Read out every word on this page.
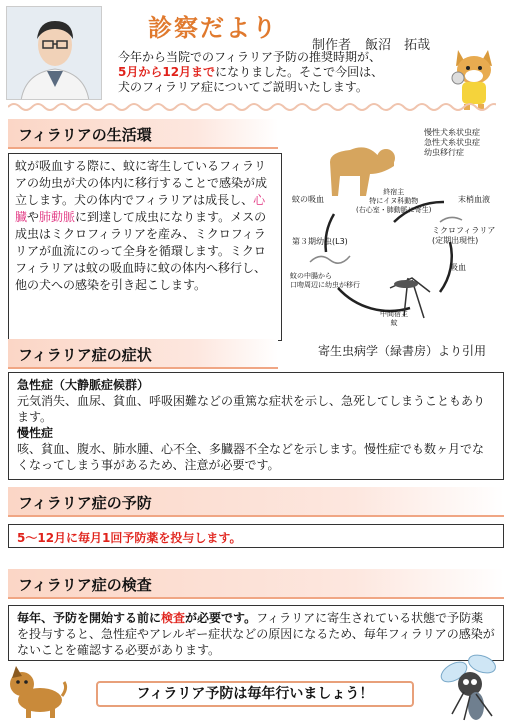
診察だより
制作者 飯沼　拓哉
今年から当院でのフィラリア予防の推奨時期が、
5月から12月までになりました。そこで今回は、
犬のフィラリア症についてご説明いたします。
フィラリアの生活環
蚊が吸血する際に、蚊に寄生しているフィラリアの幼虫が犬の体内に移行することで感染が成立します。犬の体内でフィラリアは成長し、心臓や肺動脈に到達して成虫になります。メスの成虫はミクロフィラリアを産み、ミクロフィラリアが血流にのって全身を循環します。ミクロフィラリアは蚊の吸血時に蚊の体内へ移行し、他の犬への感染を引き起こします。
慢性犬糸状虫症
急性犬糸状虫症
幼虫移行症
終宿主
特にイヌ科動物
(右心室・肺動脈に寄生)
蚊の吸血	末梢血液
ミクロフィラリア
(定期出現性)
第３期幼虫(L3)
吸血
蚊の中腸から
口吻周辺に幼虫が移行
中間宿主
蚊
寄生虫病学（緑書房）より引用
フィラリア症の症状
急性症（大静脈症候群）
元気消失、血尿、貧血、呼吸困難などの重篤な症状を示し、急死してしまうこともあります。
慢性症
咳、貧血、腹水、肺水腫、心不全、多臓器不全などを示します。慢性症でも数ヶ月でなくなってしまう事があるため、注意が必要です。
フィラリア症の予防
5〜12月に毎月1回予防薬を投与します。
フィラリア症の検査
毎年、予防を開始する前に検査が必要です。フィラリアに寄生されている状態で予防薬を投与すると、急性症やアレルギー症状などの原因になるため、毎年フィラリアの感染がないことを確認する必要があります。
フィラリア予防は毎年行いましょう！
